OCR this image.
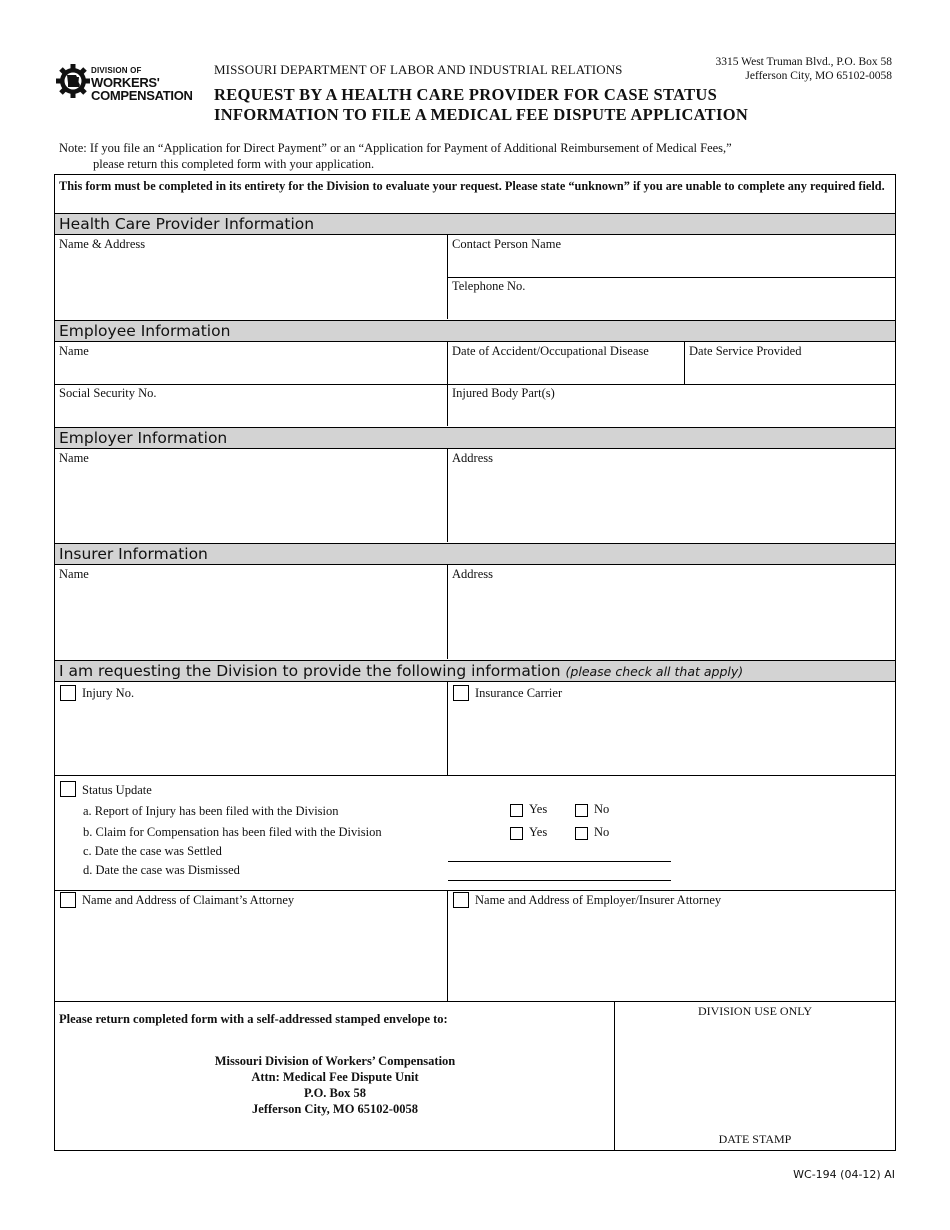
DIVISION OF
WORKERS'
COMPENSATION
MISSOURI DEPARTMENT OF LABOR AND INDUSTRIAL RELATIONS	3315 West Truman Blvd., P.O. Box 58
Jefferson City, MO 65102-0058
REQUEST BY A HEALTH CARE PROVIDER FOR CASE STATUS
INFORMATION TO FILE A MEDICAL FEE DISPUTE APPLICATION
Note: If you file an “Application for Direct Payment” or an “Application for Payment of Additional Reimbursement of Medical Fees,”
please return this completed form with your application.
This form must be completed in its entirety for the Division to evaluate your request. Please state “unknown” if you are unable to complete any required field.
Health Care Provider Information
Name & Address	Contact Person Name
Telephone No.
Employee Information
Name	Date of Accident/Occupational Disease	Date Service Provided
Social Security No.	Injured Body Part(s)
Employer Information
Name	Address
Insurer Information
Name	Address
I am requesting the Division to provide the following information (please check all that apply)
Injury No.	Insurance Carrier
Status Update
a. Report of Injury has been filed with the Division
b. Claim for Compensation has been filed with the Division
c. Date the case was Settled
d. Date the case was Dismissed
Yes	No
Yes	No
Name and Address of Claimant’s Attorney	Name and Address of Employer/Insurer Attorney
Please return completed form with a self-addressed stamped envelope to:
Missouri Division of Workers’ Compensation
Attn: Medical Fee Dispute Unit
P.O. Box 58
Jefferson City, MO 65102-0058
DIVISION USE ONLY
DATE STAMP
WC-194 (04-12) AI
